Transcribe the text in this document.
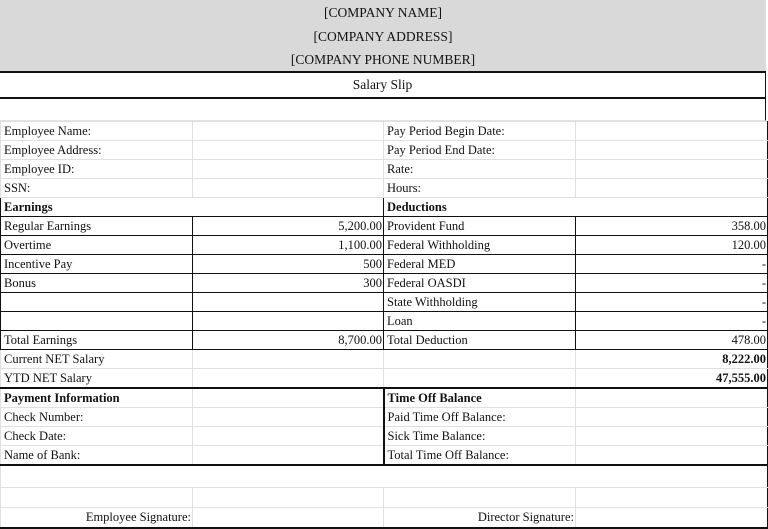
[COMPANY NAME]
[COMPANY ADDRESS]
[COMPANY PHONE NUMBER]
Salary Slip
Employee Name:		Pay Period Begin Date:	
Employee Address:		Pay Period End Date:	
Employee ID:		Rate:	
SSN:		Hours:	
Earnings		Deductions	
Regular Earnings	5,200.00	Provident Fund	358.00
Overtime	1,100.00	Federal Withholding	120.00
Incentive Pay	500	Federal MED	-
Bonus	300	Federal OASDI	-
		State Withholding	-
		Loan	-
Total Earnings	8,700.00	Total Deduction	478.00
Current NET Salary			8,222.00
YTD NET Salary			47,555.00
Payment Information		Time Off Balance	
Check Number:		Paid Time Off Balance:	
Check Date:		Sick Time Balance:	
Name of Bank:		Total Time Off Balance:	

Employee Signature:		Director Signature:	
